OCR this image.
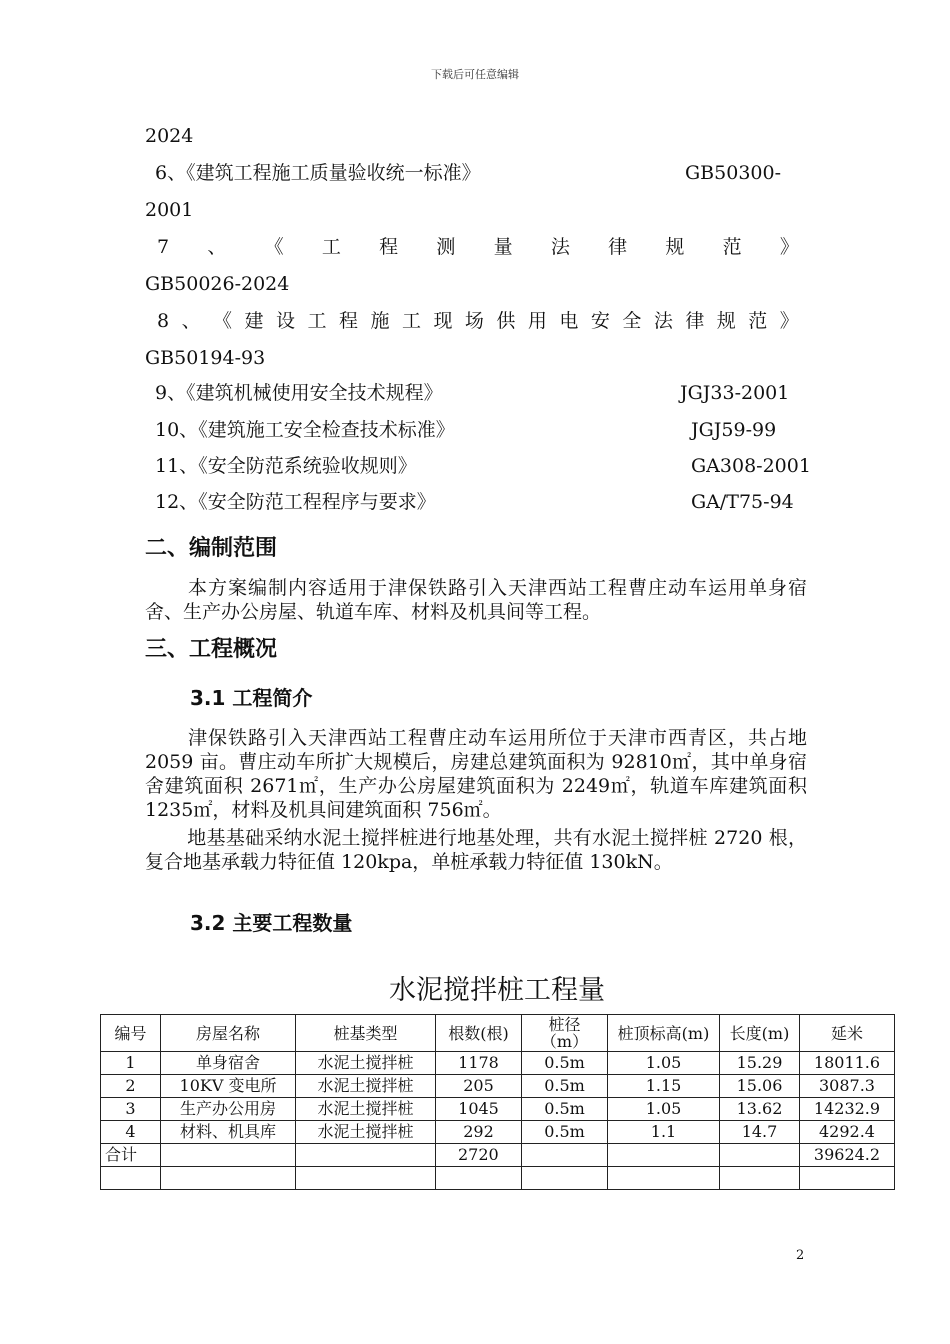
下载后可任意编辑
2024
6、《建筑工程施工质量验收统一标准》	GB50300-
2001
7 、 《 工 程 测 量 法 律 规 范 》
GB50026-2024
8 、 《 建 设 工 程 施 工 现 场 供 用 电 安 全 法 律 规 范 》
GB50194-93
9、《建筑机械使用安全技术规程》	JGJ33-2001
10、《建筑施工安全检查技术标准》	JGJ59-99
11、《安全防范系统验收规则》	GA308-2001
12、《安全防范工程程序与要求》	GA/T75-94
二、编制范围

本方案编制内容适用于津保铁路引入天津西站工程曹庄动车运用单身宿舍、生产办公房屋、轨道车库、材料及机具间等工程。

三、工程概况
3.1 工程简介

津保铁路引入天津西站工程曹庄动车运用所位于天津市西青区，共占地 2059 亩。曹庄动车所扩大规模后，房建总建筑面积为 92810㎡，其中单身宿舍建筑面积 2671㎡，生产办公房屋建筑面积为 2249㎡，轨道车库建筑面积 1235㎡，材料及机具间建筑面积 756㎡。

地基基础采纳水泥土搅拌桩进行地基处理，共有水泥土搅拌桩 2720 根，复合地基承载力特征值 120kpa，单桩承载力特征值 130kN。

3.2 主要工程数量
水泥搅拌桩工程量
编号	房屋名称	桩基类型	根数(根)	桩径（m）	桩顶标高(m)	长度(m)	延米
1	单身宿舍	水泥土搅拌桩	1178	0.5m	1.05	15.29	18011.6
2	10KV 变电所	水泥土搅拌桩	205	0.5m	1.15	15.06	3087.3
3	生产办公用房	水泥土搅拌桩	1045	0.5m	1.05	13.62	14232.9
4	材料、机具库	水泥土搅拌桩	292	0.5m	1.1	14.7	4292.4
合计			2720				39624.2

2
